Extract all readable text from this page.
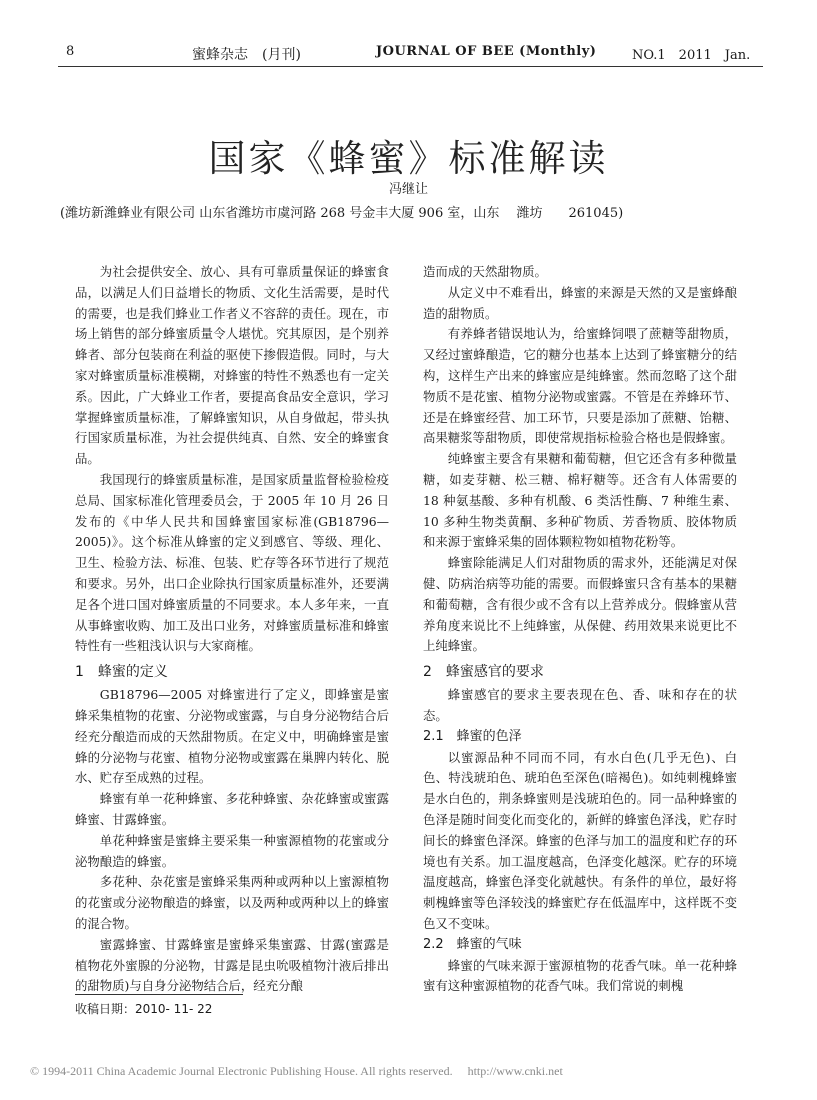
8	蜜蜂杂志　(月刊)	JOURNAL OF BEE (Monthly)	NO.1　2011　Jan.
国家《蜂蜜》标准解读
冯继让
(潍坊新潍蜂业有限公司 山东省潍坊市虞河路 268 号金丰大厦 906 室，山东　 潍坊　　261045)

为社会提供安全、放心、具有可靠质量保证的蜂蜜食品，以满足人们日益增长的物质、文化生活需要，是时代的需要，也是我们蜂业工作者义不容辞的责任。现在，市场上销售的部分蜂蜜质量令人堪忧。究其原因，是个别养蜂者、部分包装商在利益的驱使下掺假造假。同时，与大家对蜂蜜质量标准模糊，对蜂蜜的特性不熟悉也有一定关系。因此，广大蜂业工作者，要提高食品安全意识，学习掌握蜂蜜质量标准，了解蜂蜜知识，从自身做起，带头执行国家质量标准，为社会提供纯真、自然、安全的蜂蜜食品。

我国现行的蜂蜜质量标准，是国家质量监督检验检疫总局、国家标准化管理委员会，于 2005 年 10 月 26 日发布的《中华人民共和国蜂蜜国家标准(GB18796—2005)》。这个标准从蜂蜜的定义到感官、等级、理化、卫生、检验方法、标准、包装、贮存等各环节进行了规范和要求。另外，出口企业除执行国家质量标准外，还要满足各个进口国对蜂蜜质量的不同要求。本人多年来，一直从事蜂蜜收购、加工及出口业务，对蜂蜜质量标准和蜂蜜特性有一些粗浅认识与大家商榷。

1　蜂蜜的定义

GB18796—2005 对蜂蜜进行了定义，即蜂蜜是蜜蜂采集植物的花蜜、分泌物或蜜露，与自身分泌物结合后经充分酿造而成的天然甜物质。在定义中，明确蜂蜜是蜜蜂的分泌物与花蜜、植物分泌物或蜜露在巢脾内转化、脱水、贮存至成熟的过程。

蜂蜜有单一花种蜂蜜、多花种蜂蜜、杂花蜂蜜或蜜露蜂蜜、甘露蜂蜜。

单花种蜂蜜是蜜蜂主要采集一种蜜源植物的花蜜或分泌物酿造的蜂蜜。

多花种、杂花蜜是蜜蜂采集两种或两种以上蜜源植物的花蜜或分泌物酿造的蜂蜜，以及两种或两种以上的蜂蜜的混合物。

蜜露蜂蜜、甘露蜂蜜是蜜蜂采集蜜露、甘露(蜜露是植物花外蜜腺的分泌物，甘露是昆虫吮吸植物汁液后排出的甜物质)与自身分泌物结合后，经充分酿

造而成的天然甜物质。

从定义中不难看出，蜂蜜的来源是天然的又是蜜蜂酿造的甜物质。

有养蜂者错误地认为，给蜜蜂饲喂了蔗糖等甜物质，又经过蜜蜂酿造，它的糖分也基本上达到了蜂蜜糖分的结构，这样生产出来的蜂蜜应是纯蜂蜜。然而忽略了这个甜物质不是花蜜、植物分泌物或蜜露。不管是在养蜂环节、还是在蜂蜜经营、加工环节，只要是添加了蔗糖、饴糖、高果糖浆等甜物质，即使常规指标检验合格也是假蜂蜜。

纯蜂蜜主要含有果糖和葡萄糖，但它还含有多种微量糖，如麦芽糖、松三糖、棉籽糖等。还含有人体需要的 18 种氨基酸、多种有机酸、6 类活性酶、7 种维生素、10 多种生物类黄酮、多种矿物质、芳香物质、胶体物质和来源于蜜蜂采集的固体颗粒物如植物花粉等。

蜂蜜除能满足人们对甜物质的需求外，还能满足对保健、防病治病等功能的需要。而假蜂蜜只含有基本的果糖和葡萄糖，含有很少或不含有以上营养成分。假蜂蜜从营养角度来说比不上纯蜂蜜，从保健、药用效果来说更比不上纯蜂蜜。

2　蜂蜜感官的要求

蜂蜜感官的要求主要表现在色、香、味和存在的状态。

2.1　蜂蜜的色泽

以蜜源品种不同而不同，有水白色(几乎无色)、白色、特浅琥珀色、琥珀色至深色(暗褐色)。如纯刺槐蜂蜜是水白色的，荆条蜂蜜则是浅琥珀色的。同一品种蜂蜜的色泽是随时间变化而变化的，新鲜的蜂蜜色泽浅，贮存时间长的蜂蜜色泽深。蜂蜜的色泽与加工的温度和贮存的环境也有关系。加工温度越高，色泽变化越深。贮存的环境温度越高，蜂蜜色泽变化就越快。有条件的单位，最好将刺槐蜂蜜等色泽较浅的蜂蜜贮存在低温库中，这样既不变色又不变味。

2.2　蜂蜜的气味

蜂蜜的气味来源于蜜源植物的花香气味。单一花种蜂蜜有这种蜜源植物的花香气味。我们常说的刺槐

收稿日期：2010- 11- 22
© 1994-2011 China Academic Journal Electronic Publishing House. All rights reserved.　 http://www.cnki.net
